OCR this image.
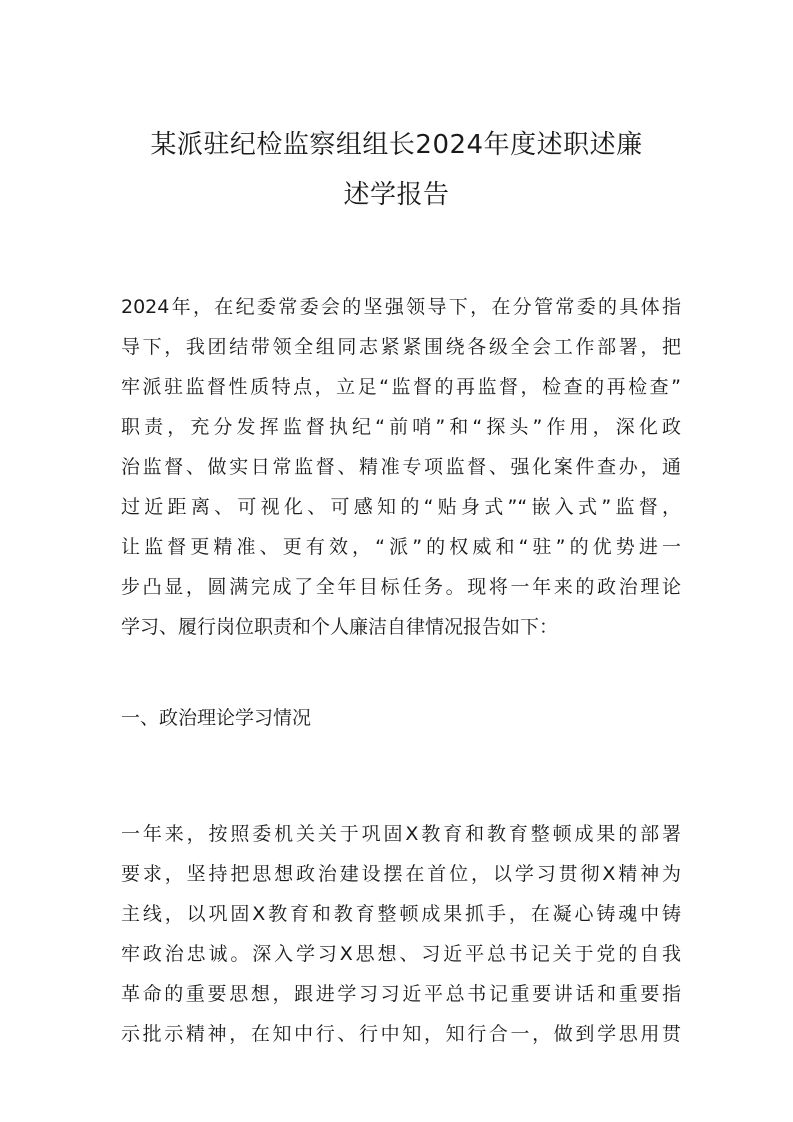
某派驻纪检监察组组长2024年度述职述廉
述学报告
2024年，在纪委常委会的坚强领导下，在分管常委的具体指
导下，我团结带领全组同志紧紧围绕各级全会工作部署，把
牢派驻监督性质特点，立足“监督的再监督，检查的再检查”
职责，充分发挥监督执纪“前哨”和“探头”作用，深化政
治监督、做实日常监督、精准专项监督、强化案件查办，通
过近距离、可视化、可感知的“贴身式”“嵌入式”监督，
让监督更精准、更有效，“派”的权威和“驻”的优势进一
步凸显，圆满完成了全年目标任务。现将一年来的政治理论
学习、履行岗位职责和个人廉洁自律情况报告如下：
一、政治理论学习情况
一年来，按照委机关关于巩固X教育和教育整顿成果的部署
要求，坚持把思想政治建设摆在首位，以学习贯彻X精神为
主线，以巩固X教育和教育整顿成果抓手，在凝心铸魂中铸
牢政治忠诚。深入学习X思想、习近平总书记关于党的自我
革命的重要思想，跟进学习习近平总书记重要讲话和重要指
示批示精神，在知中行、行中知，知行合一，做到学思用贯
